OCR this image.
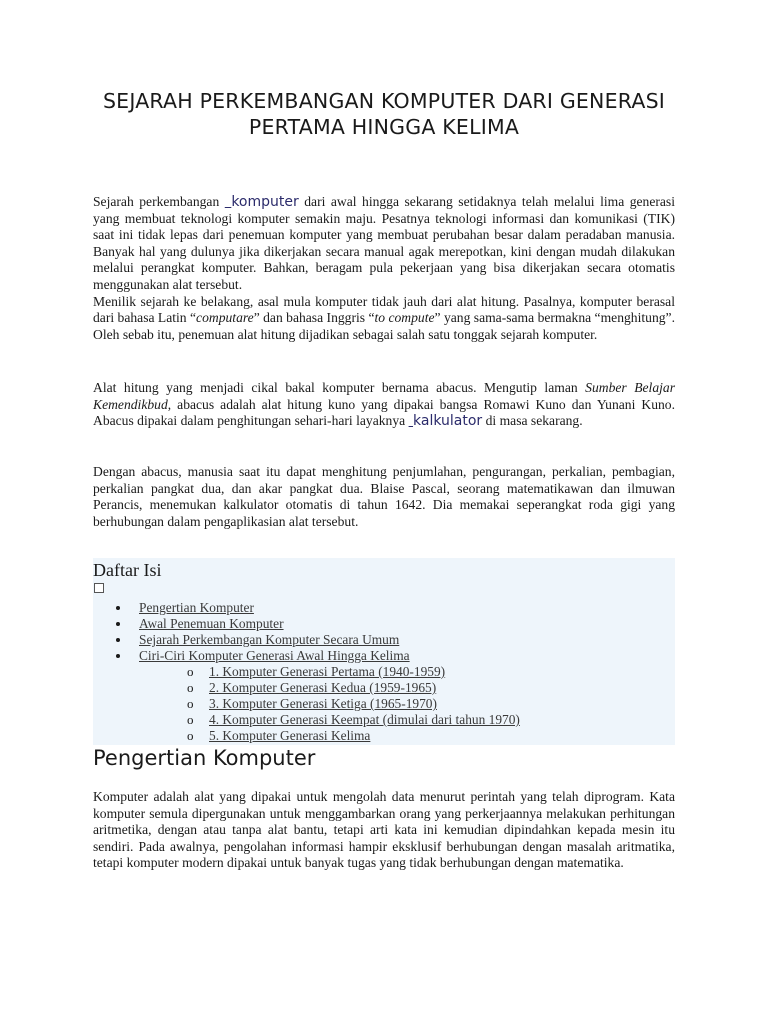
SEJARAH PERKEMBANGAN KOMPUTER DARI GENERASI PERTAMA HINGGA KELIMA

Sejarah perkembangan komputer dari awal hingga sekarang setidaknya telah melalui lima generasi yang membuat teknologi komputer semakin maju. Pesatnya teknologi informasi dan komunikasi (TIK) saat ini tidak lepas dari penemuan komputer yang membuat perubahan besar dalam peradaban manusia. Banyak hal yang dulunya jika dikerjakan secara manual agak merepotkan, kini dengan mudah dilakukan melalui perangkat komputer. Bahkan, beragam pula pekerjaan yang bisa dikerjakan secara otomatis menggunakan alat tersebut.
Menilik sejarah ke belakang, asal mula komputer tidak jauh dari alat hitung. Pasalnya, komputer berasal dari bahasa Latin “computare” dan bahasa Inggris “to compute” yang sama-sama bermakna “menghitung”. Oleh sebab itu, penemuan alat hitung dijadikan sebagai salah satu tonggak sejarah komputer.

Alat hitung yang menjadi cikal bakal komputer bernama abacus. Mengutip laman Sumber Belajar Kemendikbud, abacus adalah alat hitung kuno yang dipakai bangsa Romawi Kuno dan Yunani Kuno. Abacus dipakai dalam penghitungan sehari-hari layaknya kalkulator di masa sekarang.

Dengan abacus, manusia saat itu dapat menghitung penjumlahan, pengurangan, perkalian, pembagian, perkalian pangkat dua, dan akar pangkat dua. Blaise Pascal, seorang matematikawan dan ilmuwan Perancis, menemukan kalkulator otomatis di tahun 1642. Dia memakai seperangkat roda gigi yang berhubungan dalam pengaplikasian alat tersebut.

Daftar Isi
Pengertian Komputer
Awal Penemuan Komputer
Sejarah Perkembangan Komputer Secara Umum
Ciri-Ciri Komputer Generasi Awal Hingga Kelima
o 1. Komputer Generasi Pertama (1940-1959)
o 2. Komputer Generasi Kedua (1959-1965)
o 3. Komputer Generasi Ketiga (1965-1970)
o 4. Komputer Generasi Keempat (dimulai dari tahun 1970)
o 5. Komputer Generasi Kelima
Pengertian Komputer

Komputer adalah alat yang dipakai untuk mengolah data menurut perintah yang telah diprogram. Kata komputer semula dipergunakan untuk menggambarkan orang yang perkerjaannya melakukan perhitungan aritmetika, dengan atau tanpa alat bantu, tetapi arti kata ini kemudian dipindahkan kepada mesin itu sendiri. Pada awalnya, pengolahan informasi hampir eksklusif berhubungan dengan masalah aritmatika, tetapi komputer modern dipakai untuk banyak tugas yang tidak berhubungan dengan matematika.
